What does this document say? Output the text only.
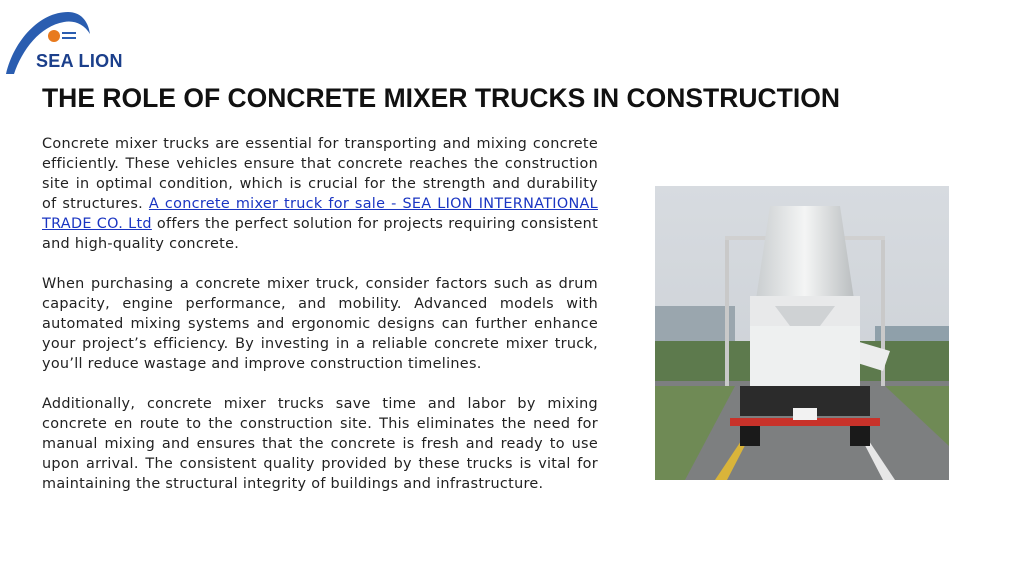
SEA LION
THE ROLE OF CONCRETE MIXER TRUCKS IN CONSTRUCTION

Concrete mixer trucks are essential for transporting and mixing concrete efficiently. These vehicles ensure that concrete reaches the construction site in optimal condition, which is crucial for the strength and durability of structures. A concrete mixer truck for sale - SEA LION INTERNATIONAL TRADE CO. Ltd offers the perfect solution for projects requiring consistent and high-quality concrete.

When purchasing a concrete mixer truck, consider factors such as drum capacity, engine performance, and mobility. Advanced models with automated mixing systems and ergonomic designs can further enhance your project’s efficiency. By investing in a reliable concrete mixer truck, you’ll reduce wastage and improve construction timelines.

Additionally, concrete mixer trucks save time and labor by mixing concrete en route to the construction site. This eliminates the need for manual mixing and ensures that the concrete is fresh and ready to use upon arrival. The consistent quality provided by these trucks is vital for maintaining the structural integrity of buildings and infrastructure.
